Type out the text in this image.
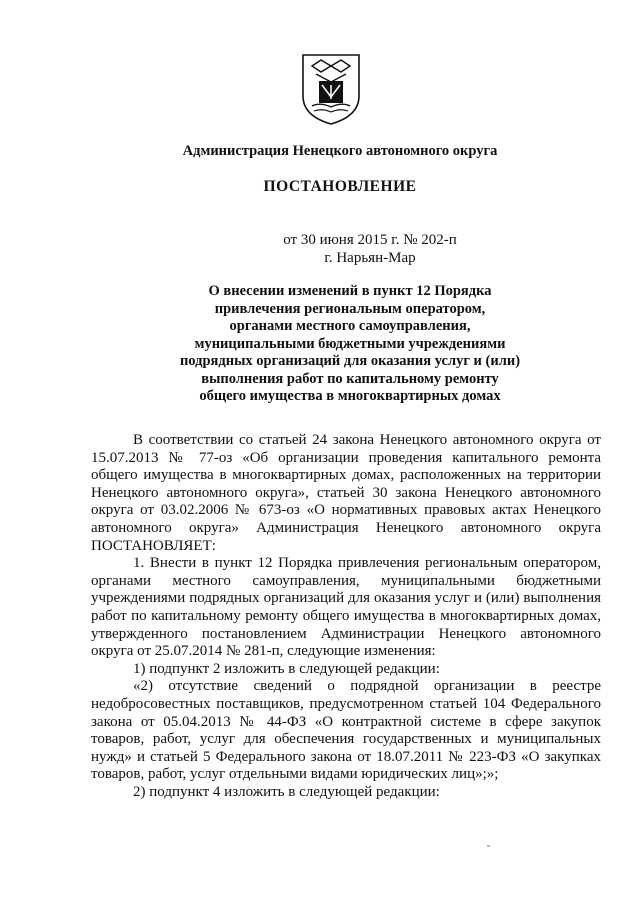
Администрация Ненецкого автономного округа
ПОСТАНОВЛЕНИЕ
от 30 июня 2015 г. № 202-п
г. Нарьян-Мар
О внесении изменений в пункт 12 Порядка
привлечения региональным оператором,
органами местного самоуправления,
муниципальными бюджетными учреждениями
подрядных организаций для оказания услуг и (или)
выполнения работ по капитальному ремонту
общего имущества в многоквартирных домах

В соответствии со статьей 24 закона Ненецкого автономного округа от 15.07.2013 № 77-оз «Об организации проведения капитального ремонта общего имущества в многоквартирных домах, расположенных на территории Ненецкого автономного округа», статьей 30 закона Ненецкого автономного округа от 03.02.2006 № 673-оз «О нормативных правовых актах Ненецкого автономного округа» Администрация Ненецкого автономного округа ПОСТАНОВЛЯЕТ:

1. Внести в пункт 12 Порядка привлечения региональным оператором, органами местного самоуправления, муниципальными бюджетными учреждениями подрядных организаций для оказания услуг и (или) выполнения работ по капитальному ремонту общего имущества в многоквартирных домах, утвержденного постановлением Администрации Ненецкого автономного округа от 25.07.2014 № 281-п, следующие изменения:

1) подпункт 2 изложить в следующей редакции:

«2) отсутствие сведений о подрядной организации в реестре недобросовестных поставщиков, предусмотренном статьей 104 Федерального закона от 05.04.2013 № 44-ФЗ «О контрактной системе в сфере закупок товаров, работ, услуг для обеспечения государственных и муниципальных нужд» и статьей 5 Федерального закона от 18.07.2011 № 223-ФЗ «О закупках товаров, работ, услуг отдельными видами юридических лиц»;»;

2) подпункт 4 изложить в следующей редакции:
